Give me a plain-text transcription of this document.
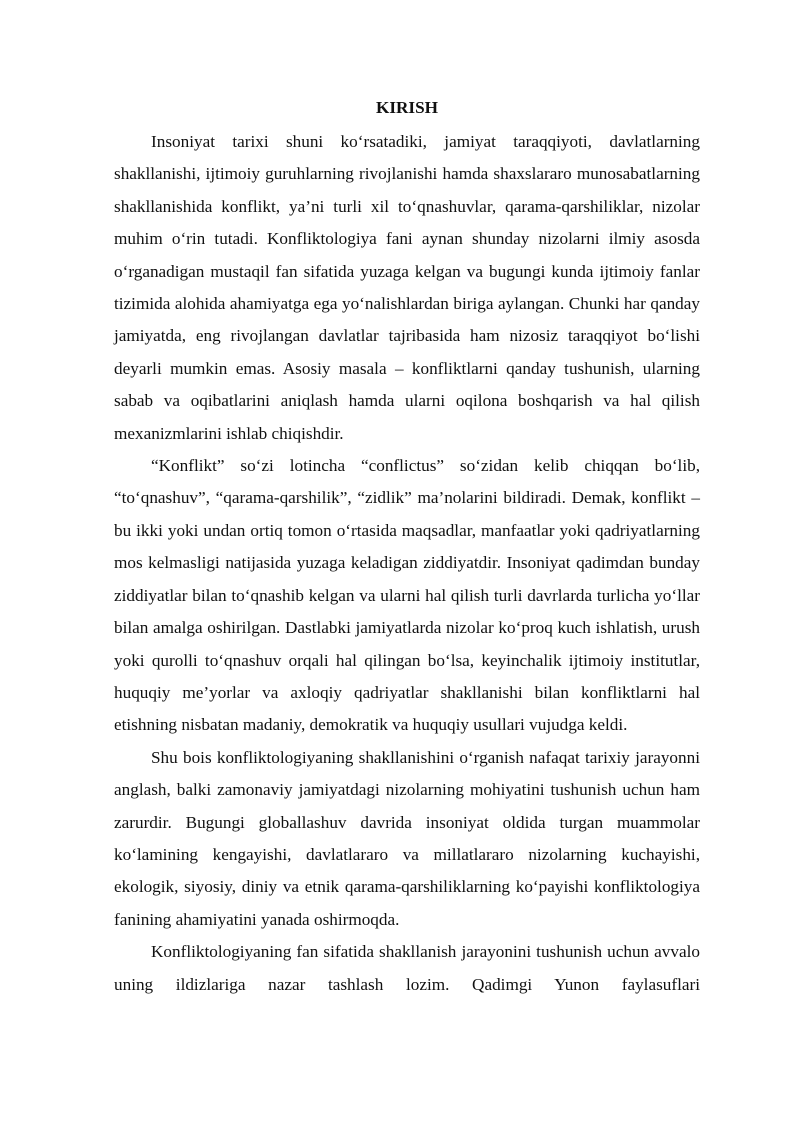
KIRISH

Insoniyat tarixi shuni ko‘rsatadiki, jamiyat taraqqiyoti, davlatlarning shakllanishi, ijtimoiy guruhlarning rivojlanishi hamda shaxslararo munosabatlarning shakllanishida konflikt, ya’ni turli xil to‘qnashuvlar, qarama-qarshiliklar, nizolar muhim o‘rin tutadi. Konfliktologiya fani aynan shunday nizolarni ilmiy asosda o‘rganadigan mustaqil fan sifatida yuzaga kelgan va bugungi kunda ijtimoiy fanlar tizimida alohida ahamiyatga ega yo‘nalishlardan biriga aylangan. Chunki har qanday jamiyatda, eng rivojlangan davlatlar tajribasida ham nizosiz taraqqiyot bo‘lishi deyarli mumkin emas. Asosiy masala – konfliktlarni qanday tushunish, ularning sabab va oqibatlarini aniqlash hamda ularni oqilona boshqarish va hal qilish mexanizmlarini ishlab chiqishdir.

“Konflikt” so‘zi lotincha “conflictus” so‘zidan kelib chiqqan bo‘lib, “to‘qnashuv”, “qarama-qarshilik”, “zidlik” ma’nolarini bildiradi. Demak, konflikt – bu ikki yoki undan ortiq tomon o‘rtasida maqsadlar, manfaatlar yoki qadriyatlarning mos kelmasligi natijasida yuzaga keladigan ziddiyatdir. Insoniyat qadimdan bunday ziddiyatlar bilan to‘qnashib kelgan va ularni hal qilish turli davrlarda turlicha yo‘llar bilan amalga oshirilgan. Dastlabki jamiyatlarda nizolar ko‘proq kuch ishlatish, urush yoki qurolli to‘qnashuv orqali hal qilingan bo‘lsa, keyinchalik ijtimoiy institutlar, huquqiy me’yorlar va axloqiy qadriyatlar shakllanishi bilan konfliktlarni hal etishning nisbatan madaniy, demokratik va huquqiy usullari vujudga keldi.

Shu bois konfliktologiyaning shakllanishini o‘rganish nafaqat tarixiy jarayonni anglash, balki zamonaviy jamiyatdagi nizolarning mohiyatini tushunish uchun ham zarurdir. Bugungi globallashuv davrida insoniyat oldida turgan muammolar ko‘lamining kengayishi, davlatlararo va millatlararo nizolarning kuchayishi, ekologik, siyosiy, diniy va etnik qarama-qarshiliklarning ko‘payishi konfliktologiya fanining ahamiyatini yanada oshirmoqda.

Konfliktologiyaning fan sifatida shakllanish jarayonini tushunish uchun avvalo uning ildizlariga nazar tashlash lozim. Qadimgi Yunon faylasuflari
